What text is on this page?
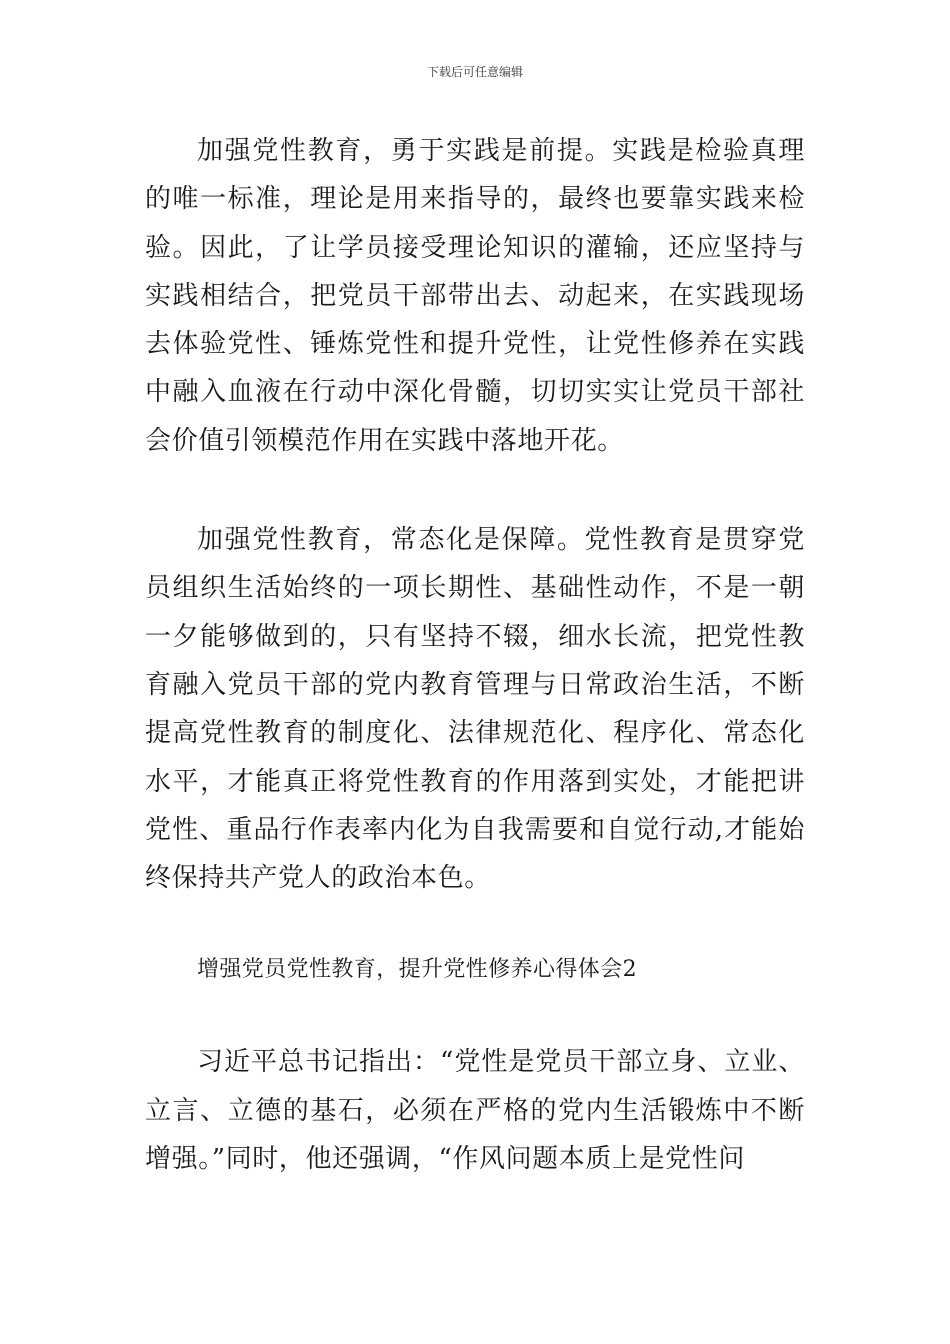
下载后可任意编辑

加强党性教育，勇于实践是前提。实践是检验真理的唯一标准，理论是用来指导的，最终也要靠实践来检验。因此，了让学员接受理论知识的灌输，还应坚持与实践相结合，把党员干部带出去、动起来，在实践现场去体验党性、锤炼党性和提升党性，让党性修养在实践中融入血液在行动中深化骨髓，切切实实让党员干部社会价值引领模范作用在实践中落地开花。

加强党性教育，常态化是保障。党性教育是贯穿党员组织生活始终的一项长期性、基础性动作，不是一朝一夕能够做到的，只有坚持不辍，细水长流，把党性教育融入党员干部的党内教育管理与日常政治生活，不断提高党性教育的制度化、法律规范化、程序化、常态化水平，才能真正将党性教育的作用落到实处，才能把讲党性、重品行作表率内化为自我需要和自觉行动,才能始终保持共产党人的政治本色。

增强党员党性教育，提升党性修养心得体会2

习近平总书记指出：“党性是党员干部立身、立业、立言、立德的基石，必须在严格的党内生活锻炼中不断增强。”同时，他还强调，“作风问题本质上是党性问
